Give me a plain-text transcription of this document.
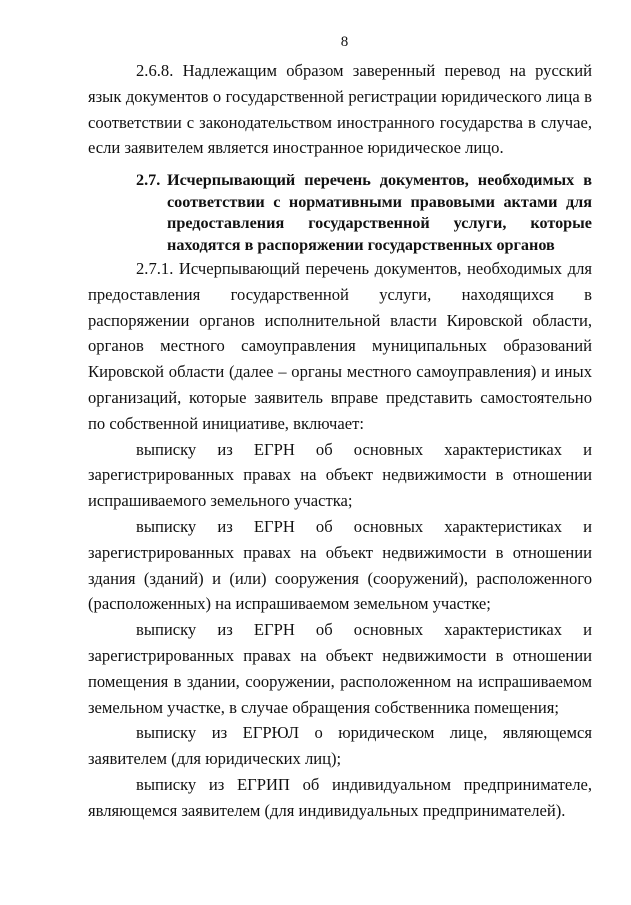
8

2.6.8. Надлежащим образом заверенный перевод на русский язык документов о государственной регистрации юридического лица в соответствии с законодательством иностранного государства в случае, если заявителем является иностранное юридическое лицо.

2.7. Исчерпывающий перечень документов, необходимых в соответствии с нормативными правовыми актами для предоставления государственной услуги, которые находятся в распоряжении государственных органов

2.7.1. Исчерпывающий перечень документов, необходимых для предоставления государственной услуги, находящихся в распоряжении органов исполнительной власти Кировской области, органов местного самоуправления муниципальных образований Кировской области (далее – органы местного самоуправления) и иных организаций, которые заявитель вправе представить самостоятельно по собственной инициативе, включает:

выписку из ЕГРН об основных характеристиках и зарегистрированных правах на объект недвижимости в отношении испрашиваемого земельного участка;

выписку из ЕГРН об основных характеристиках и зарегистрированных правах на объект недвижимости в отношении здания (зданий) и (или) сооружения (сооружений), расположенного (расположенных) на испрашиваемом земельном участке;

выписку из ЕГРН об основных характеристиках и зарегистрированных правах на объект недвижимости в отношении помещения в здании, сооружении, расположенном на испрашиваемом земельном участке, в случае обращения собственника помещения;

выписку из ЕГРЮЛ о юридическом лице, являющемся заявителем (для юридических лиц);

выписку из ЕГРИП об индивидуальном предпринимателе, являющемся заявителем (для индивидуальных предпринимателей).
